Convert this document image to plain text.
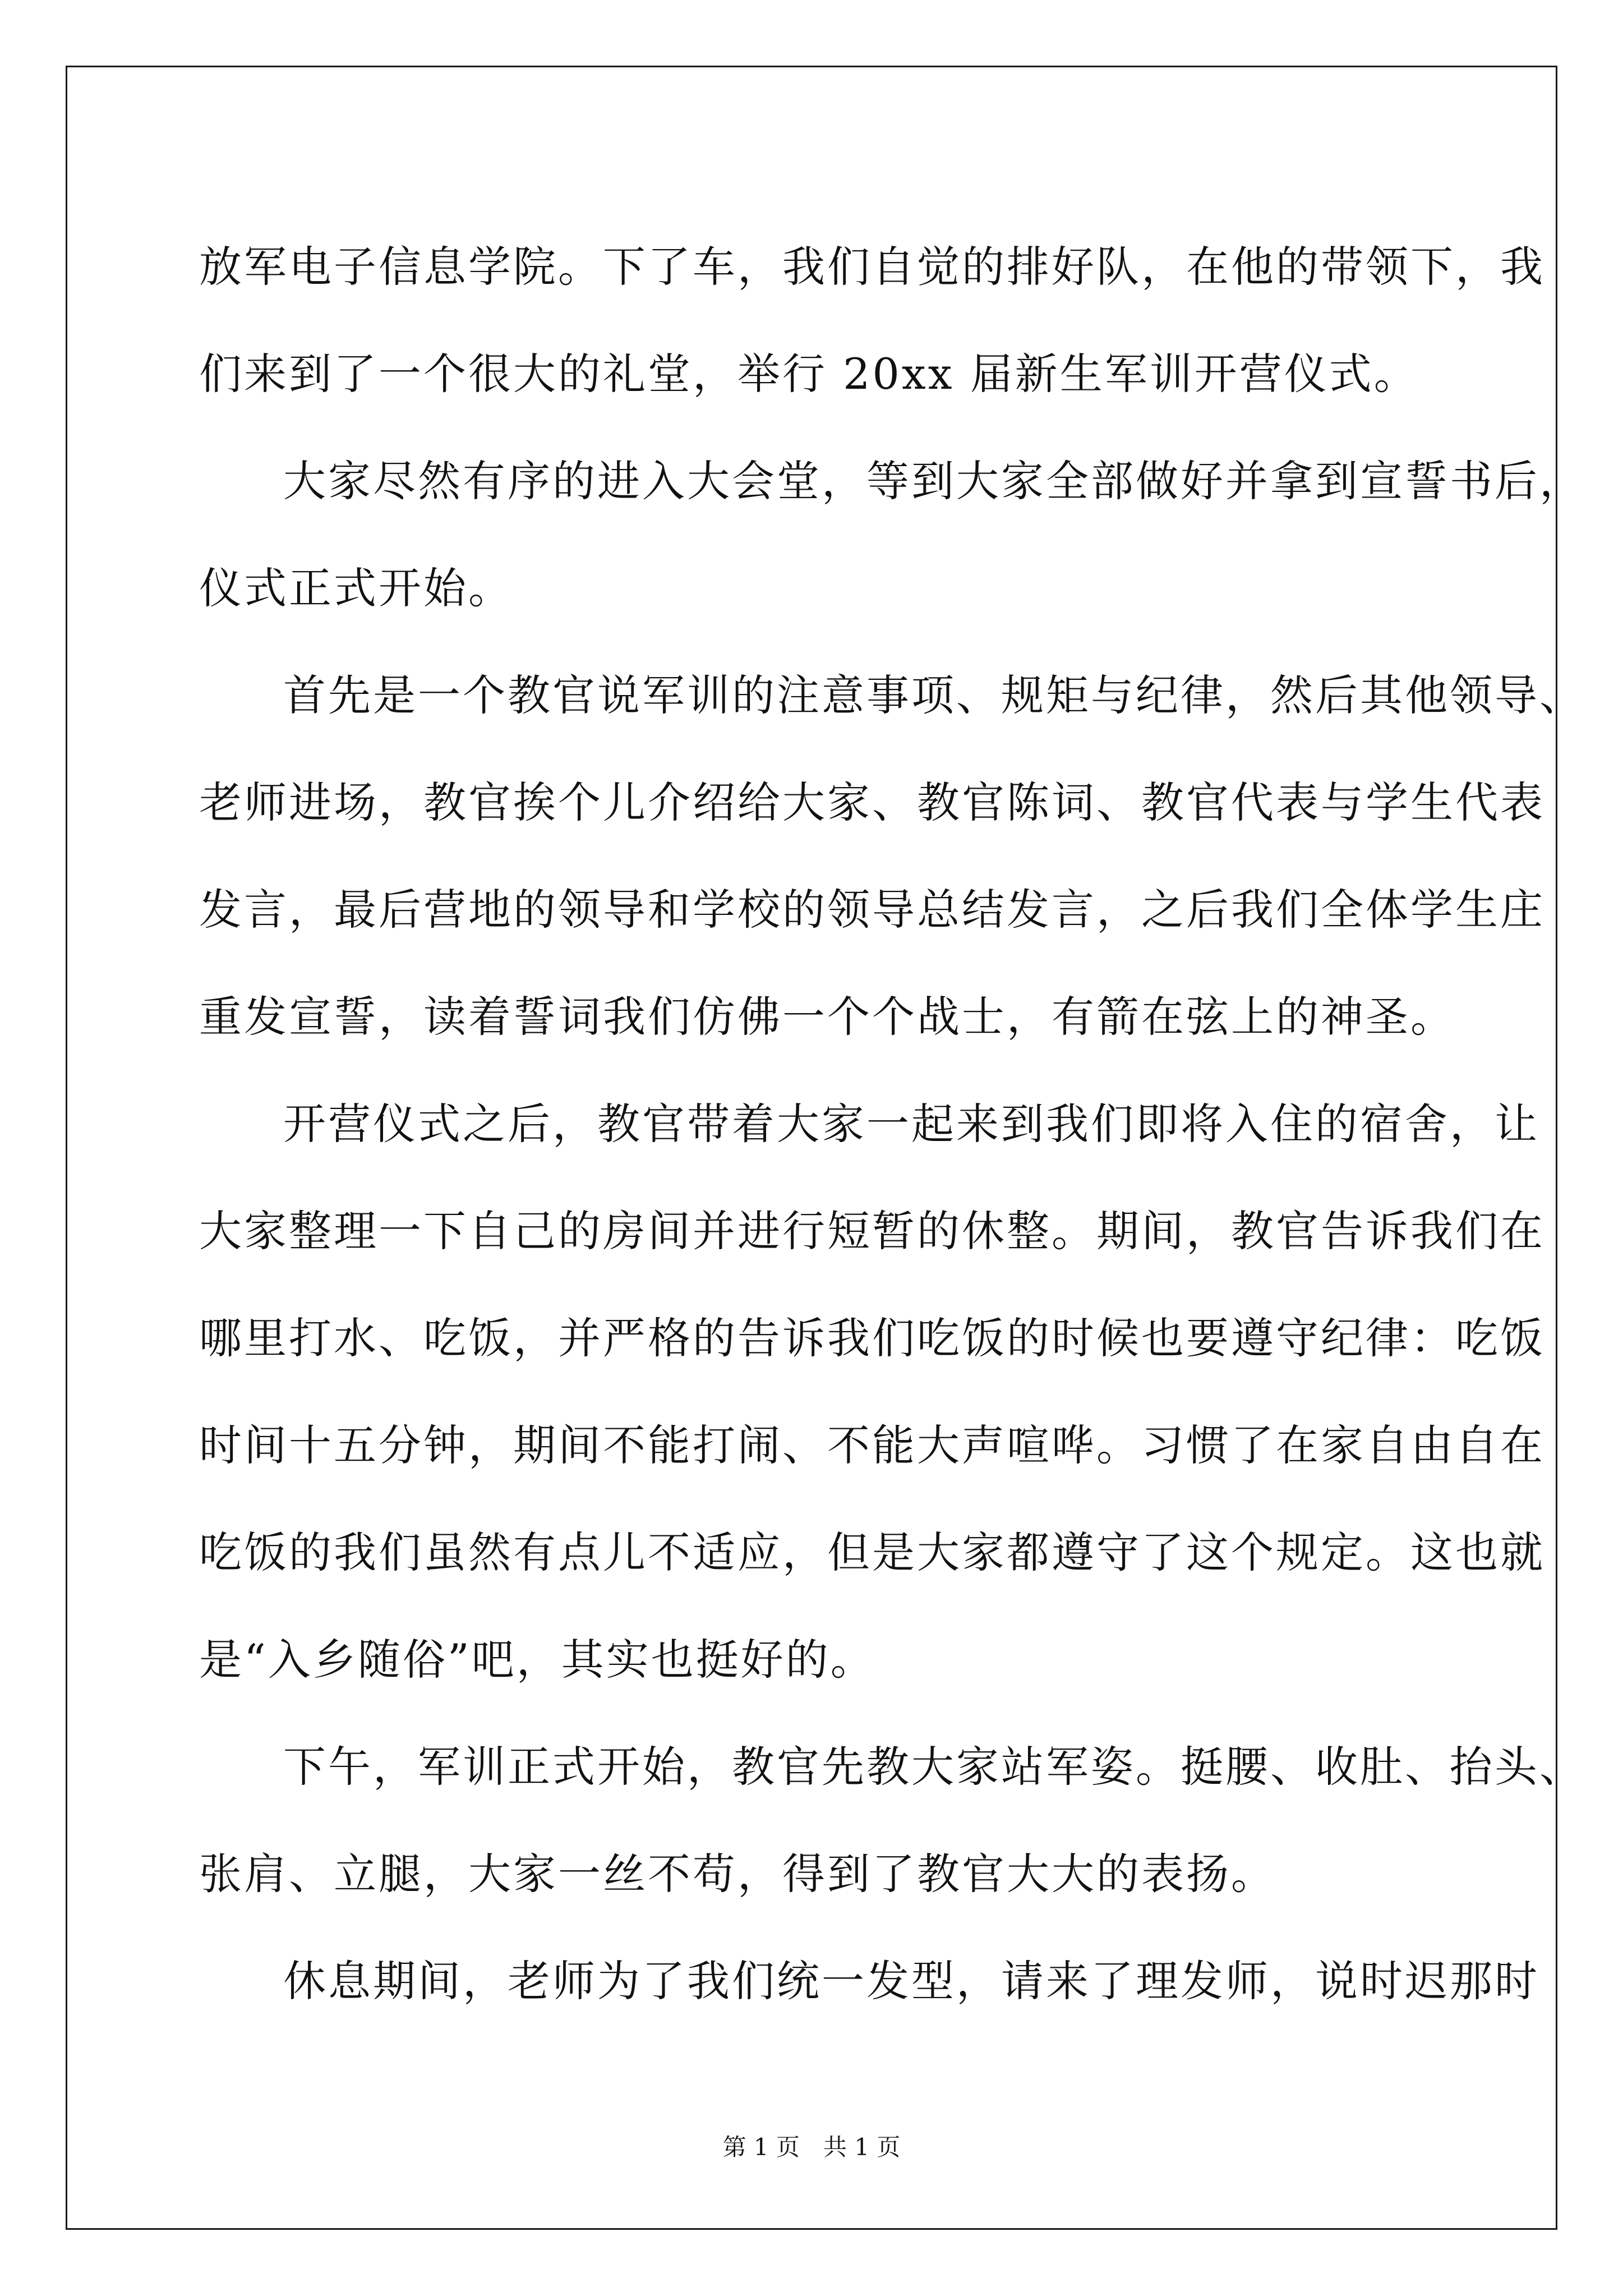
放军电子信息学院。下了车，我们自觉的排好队，在他的带领下，我
们来到了一个很大的礼堂，举行 20xx 届新生军训开营仪式。
大家尽然有序的进入大会堂，等到大家全部做好并拿到宣誓书后，
仪式正式开始。
首先是一个教官说军训的注意事项、规矩与纪律，然后其他领导、
老师进场，教官挨个儿介绍给大家、教官陈词、教官代表与学生代表
发言，最后营地的领导和学校的领导总结发言，之后我们全体学生庄
重发宣誓，读着誓词我们仿佛一个个战士，有箭在弦上的神圣。
开营仪式之后，教官带着大家一起来到我们即将入住的宿舍，让
大家整理一下自己的房间并进行短暂的休整。期间，教官告诉我们在
哪里打水、吃饭，并严格的告诉我们吃饭的时候也要遵守纪律：吃饭
时间十五分钟，期间不能打闹、不能大声喧哗。习惯了在家自由自在
吃饭的我们虽然有点儿不适应，但是大家都遵守了这个规定。这也就
是“入乡随俗”吧，其实也挺好的。
下午，军训正式开始，教官先教大家站军姿。挺腰、收肚、抬头、
张肩、立腿，大家一丝不苟，得到了教官大大的表扬。
休息期间，老师为了我们统一发型，请来了理发师，说时迟那时
第 1 页　共 1 页
